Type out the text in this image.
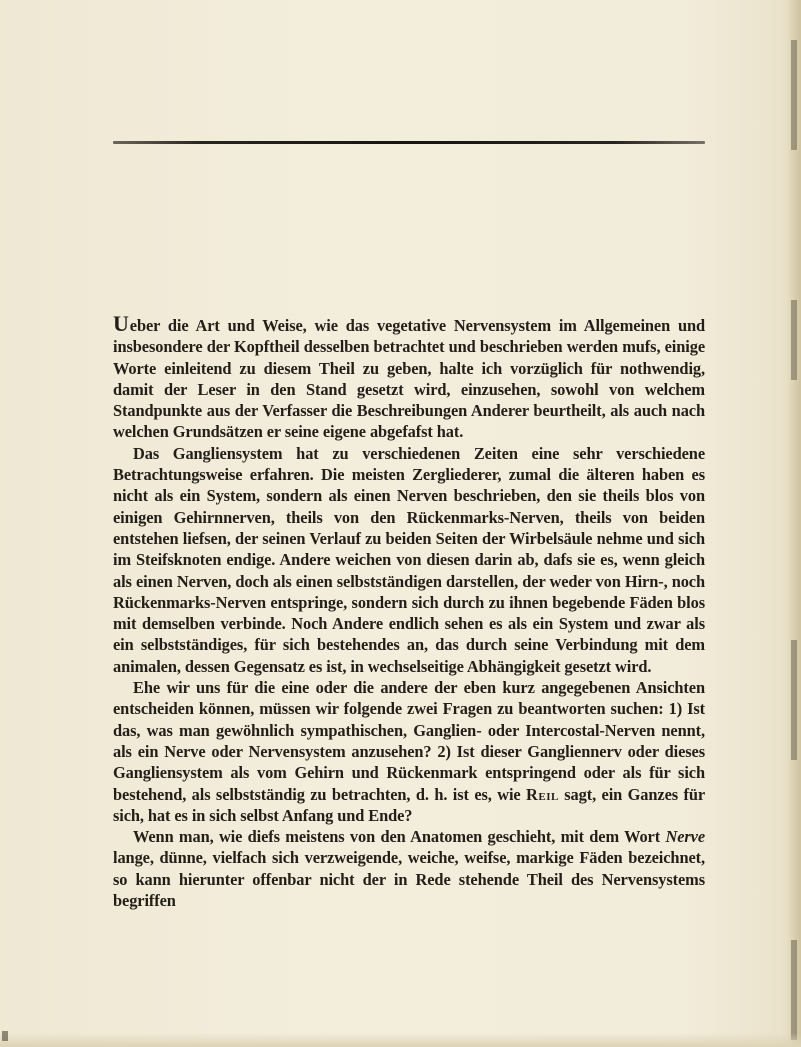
Ueber die Art und Weise, wie das vegetative Nervensystem im Allgemeinen und insbesondere der Kopftheil desselben betrachtet und beschrieben werden mufs, einige Worte einleitend zu diesem Theil zu geben, halte ich vorzüglich für nothwendig, damit der Leser in den Stand gesetzt wird, einzusehen, sowohl von welchem Standpunkte aus der Verfasser die Beschreibungen Anderer beurtheilt, als auch nach welchen Grundsätzen er seine eigene abgefafst hat.

Das Gangliensystem hat zu verschiedenen Zeiten eine sehr verschiedene Betrachtungsweise erfahren. Die meisten Zergliederer, zumal die älteren haben es nicht als ein System, sondern als einen Nerven beschrieben, den sie theils blos von einigen Gehirnnerven, theils von den Rückenmarks-Nerven, theils von beiden entstehen liefsen, der seinen Verlauf zu beiden Seiten der Wirbelsäule nehme und sich im Steifsknoten endige. Andere weichen von diesen darin ab, dafs sie es, wenn gleich als einen Nerven, doch als einen selbstständigen darstellen, der weder von Hirn-, noch Rückenmarks-Nerven entspringe, sondern sich durch zu ihnen begebende Fäden blos mit demselben verbinde. Noch Andere endlich sehen es als ein System und zwar als ein selbstständiges, für sich bestehendes an, das durch seine Verbindung mit dem animalen, dessen Gegensatz es ist, in wechselseitige Abhängigkeit gesetzt wird.

Ehe wir uns für die eine oder die andere der eben kurz angegebenen Ansichten entscheiden können, müssen wir folgende zwei Fragen zu beantworten suchen: 1) Ist das, was man gewöhnlich sympathischen, Ganglien- oder Intercostal-Nerven nennt, als ein Nerve oder Nervensystem anzusehen? 2) Ist dieser Gangliennerv oder dieses Gangliensystem als vom Gehirn und Rückenmark entspringend oder als für sich bestehend, als selbstständig zu betrachten, d. h. ist es, wie Reil sagt, ein Ganzes für sich, hat es in sich selbst Anfang und Ende?

Wenn man, wie diefs meistens von den Anatomen geschieht, mit dem Wort Nerve lange, dünne, vielfach sich verzweigende, weiche, weifse, markige Fäden bezeichnet, so kann hierunter offenbar nicht der in Rede stehende Theil des Nervensystems begriffen
